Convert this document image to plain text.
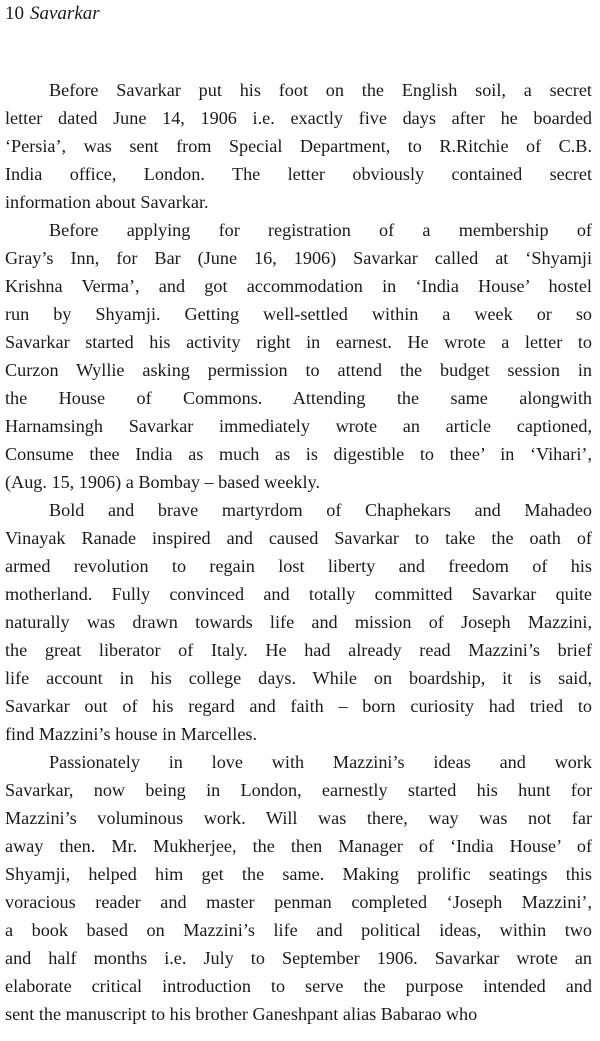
10 Savarkar
Before Savarkar put his foot on the English soil, a secret
letter dated June 14, 1906 i.e. exactly five days after he boarded
‘Persia’, was sent from Special Department, to R.Ritchie of C.B.
India office, London. The letter obviously contained secret
information about Savarkar.
Before applying for registration of a membership of
Gray’s Inn, for Bar (June 16, 1906) Savarkar called at ‘Shyamji
Krishna Verma’, and got accommodation in ‘India House’ hostel
run by Shyamji. Getting well-settled within a week or so
Savarkar started his activity right in earnest. He wrote a letter to
Curzon Wyllie asking permission to attend the budget session in
the House of Commons. Attending the same alongwith
Harnamsingh Savarkar immediately wrote an article captioned,
Consume thee India as much as is digestible to thee’ in ‘Vihari’,
(Aug. 15, 1906) a Bombay – based weekly.
Bold and brave martyrdom of Chaphekars and Mahadeo
Vinayak Ranade inspired and caused Savarkar to take the oath of
armed revolution to regain lost liberty and freedom of his
motherland. Fully convinced and totally committed Savarkar quite
naturally was drawn towards life and mission of Joseph Mazzini,
the great liberator of Italy. He had already read Mazzini’s brief
life account in his college days. While on boardship, it is said,
Savarkar out of his regard and faith – born curiosity had tried to
find Mazzini’s house in Marcelles.
Passionately in love with Mazzini’s ideas and work
Savarkar, now being in London, earnestly started his hunt for
Mazzini’s voluminous work. Will was there, way was not far
away then. Mr. Mukherjee, the then Manager of ‘India House’ of
Shyamji, helped him get the same. Making prolific seatings this
voracious reader and master penman completed ‘Joseph Mazzini’,
a book based on Mazzini’s life and political ideas, within two
and half months i.e. July to September 1906. Savarkar wrote an
elaborate critical introduction to serve the purpose intended and
sent the manuscript to his brother Ganeshpant alias Babarao who
